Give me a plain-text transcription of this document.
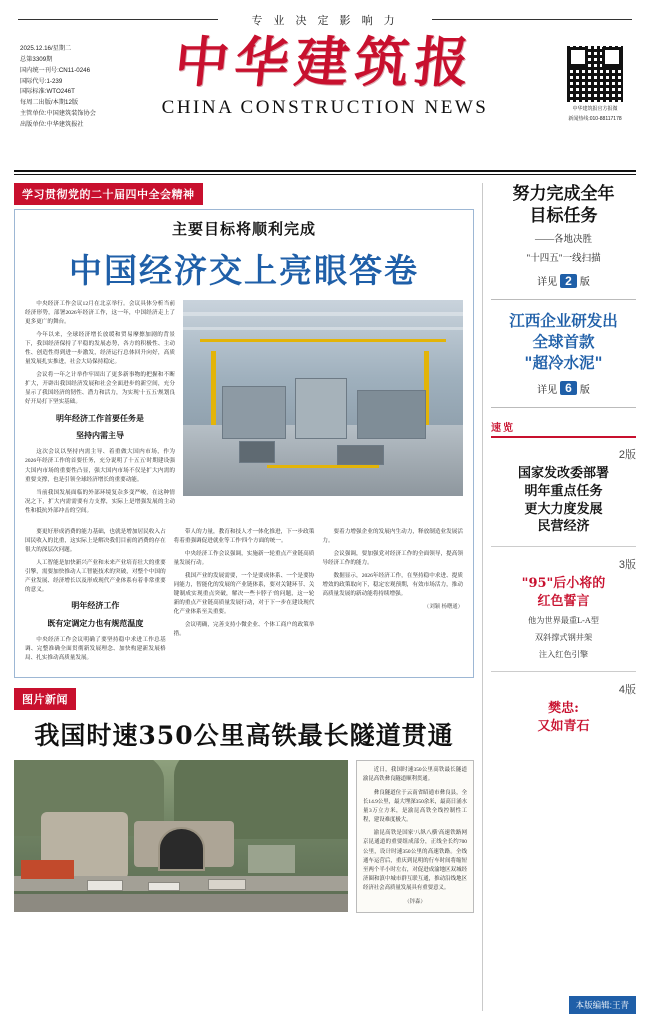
专 业 决 定 影 响 力
2025.12.16/星期二
总第3309期
国内统一刊号:CN11-0246
国际代号:1-239
国际标准:WTO246T
每周二出版/本期12版
主管单位:中国建筑装饰协会
出版单位:中华建筑报社
中华建筑报
CHINA CONSTRUCTION NEWS	中华建筑报官方报微
新闻热线:010-88117178
学习贯彻党的二十届四中全会精神
主要目标将顺利完成
中国经济交上亮眼答卷

中央经济工作会议12月在北京举行。会议具体分析当前经济形势，部署2026年经济工作，这一年，中国经济走上了更多更广的舞台。

今年以来，全球经济增长放缓和贸易摩擦加剧的背景下，我国经济保持了平稳的发展态势，各方的积极性、主动性、创造性得到进一步激发，经济运行总体回升向好，高质量发展扎实推进，社会大局保持稳定。

会议将一年之计举作牢固出了更多新事物的把握和不断扩大，开辟出我国经济发展和社会全面进步的新空间，充分显示了我国经济的韧性、潜力和活力，为实现'十五五'规划良好开局打下坚实基础。

明年经济工作首要任务是
坚持内需主导

这次会议以坚持内需主导、着重做大国内市场，作为2026年经济工作的首要任务，充分说明了十五五'时期建设强大国内市场的重要性凸显，强大国内市场不仅是扩大内需的重要支撑，也是引领全球经济增长的重要动能。

当前我国发展面临的外部环境复杂多变严峻，在这种情况之下，扩大内需需要有力支撑，实际上是增强发展的主动性和抵抗外部冲击的空间。

要更好形成消费的能力基础，也就是增加居民收入占国民收入的比重，这实际上是解决我们目前的消费的存在很大的深层次问题。

人工智能是加快新兴产业和未来产业培育壮大的重要引擎，需要加快推动人工智能技术的突破，对整个中国的产业发展、经济增长以及形成现代产业体系有着非常重要的意义。

明年经济工作
既有定调定力也有规范温度

中央经济工作会议明确了要坚持稳中求进工作总基调、完整准确全面贯彻新发展理念、加快构建新发展格局、扎实推动高质量发展。

带人的力量，教育和技人才一体化推进，下一步政策将着重强调促进就业等工作'四个方面的统一。

中央经济工作会议强调，实施新一轮重点产业链高质量发展行动。

我国产业的发展需要，一个是要成体系、一个是要协同能力，智能化的发展的产业链体系，要对关键环节、关键制成实现重点突破，解决一些卡脖子'的问题，这一轮新的重点产业链高质量发展行动，对于下一步在建设现代化产业体系至关重要。

会议明确，完善支持小微企业、个体工商户的政策举措。

要着力增强企业的发展内生动力，释放制造业发展活力。

会议强调，要加强党对经济工作的全面领导，提高领导经济工作的能力。

数据显示，2026年经济工作，在坚持稳中求进、提质增效的政策取向下，稳定宏观预期，有效市场活力，推动高质量发展的新动能将持续增强。

（刘颖 杨曙通）
图片新闻
我国时速350公里高铁最长隧道贯通

近日，我国时速350公里高铁最长隧道渝昆高铁彝良隧道顺利贯通。

彝良隧道位于云南省昭通市彝良县，全长14.9公里，最大埋深350余米，最高日涌水量3万立方米，是渝昆高铁全线控制性工程，建设难度极大。

渝昆高铁是国家'八纵八横'高速铁路网京昆通道的重要组成部分，正线全长约700公里，设计时速350公里的高速铁路。全线通车运营后，重庆到昆明的行车时间将缩短至两个半小时左右，对促进成渝地区双城经济圈和滇中城市群互联互通，推动沿线地区经济社会高质量发展具有重要意义。

（锌森）
努力完成全年
目标任务
——各地决胜
"十四五"一线扫描
详见 2 版
江西企业研发出
全球首款
"超冷水泥"
详见 6 版
速览
2版
国家发改委部署
明年重点任务
更大力度发展
民营经济
3版
"95"后小将的
红色誓言
他为世界最重L-A型
双斜撑式钢井架
注入红色引擎
4版
樊忠:
又如青石
本版编辑:王青
